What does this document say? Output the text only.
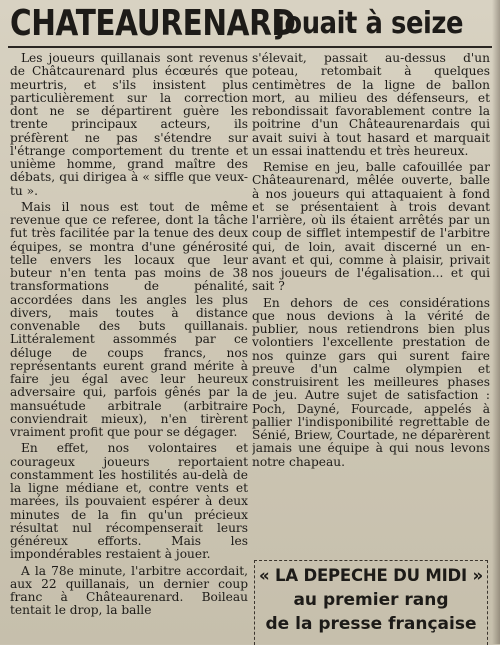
CHATEAURENARD
jouait à seize

Les joueurs quillanais sont revenus de Châtcaurenard plus écœurés que meurtris, et s'ils insistent plus particulièrement sur la correction dont ne se départirent guère les trente principaux acteurs, ils préfèrent ne pas s'étendre sur l'étrange comportement du trente et unième homme, grand maître des débats, qui dirigea à « siffle que veux-tu ».

Mais il nous est tout de même revenue que ce referee, dont la tâche fut très facilitée par la tenue des deux équipes, se montra d'une générosité telle envers les locaux que leur buteur n'en tenta pas moins de 38 transformations de pénalité, accordées dans les angles les plus divers, mais toutes à distance convenable des buts quillanais. Littéralement assommés par ce déluge de coups francs, nos représentants eurent grand mérite à faire jeu égal avec leur heureux adversaire qui, parfois gênés par la mansuétude arbitrale (arbitraire conviendrait mieux), n'en tirèrent vraiment profit que pour se dégager.

En effet, nos volontaires et courageux joueurs reportaient constamment les hostilités au-delà de la ligne médiane et, contre vents et marées, ils pouvaient espérer à deux minutes de la fin qu'un précieux résultat nul récompenserait leurs généreux efforts. Mais les impondérables restaient à jouer.

A la 78e minute, l'arbitre accordait, aux 22 quillanais, un dernier coup franc à Châteaurenard. Boileau tentait le drop, la balle

s'élevait, passait au-dessus d'un poteau, retombait à quelques centimètres de la ligne de ballon mort, au milieu des défenseurs, et rebondissait favorablement contre la poitrine d'un Châteaurenardais qui avait suivi à tout hasard et marquait un essai inattendu et très heureux.

Remise en jeu, balle cafouillée par Châteaurenard, mêlée ouverte, balle à nos joueurs qui attaquaient à fond et se présentaient à trois devant l'arrière, où ils étaient arrêtés par un coup de sifflet intempestif de l'arbitre qui, de loin, avait discerné un en-avant et qui, comme à plaisir, privait nos joueurs de l'égalisation... et qui sait ?

En dehors de ces considérations que nous devions à la vérité de publier, nous retiendrons bien plus volontiers l'excellente prestation de nos quinze gars qui surent faire preuve d'un calme olympien et construisirent les meilleures phases de jeu. Autre sujet de satisfaction : Poch, Dayné, Fourcade, appelés à pallier l'indisponibilité regrettable de Sénié, Briew, Courtade, ne déparèrent jamais une équipe à qui nous levons notre chapeau.

« LA DEPECHE DU MIDI »
au premier rang
de la presse française
